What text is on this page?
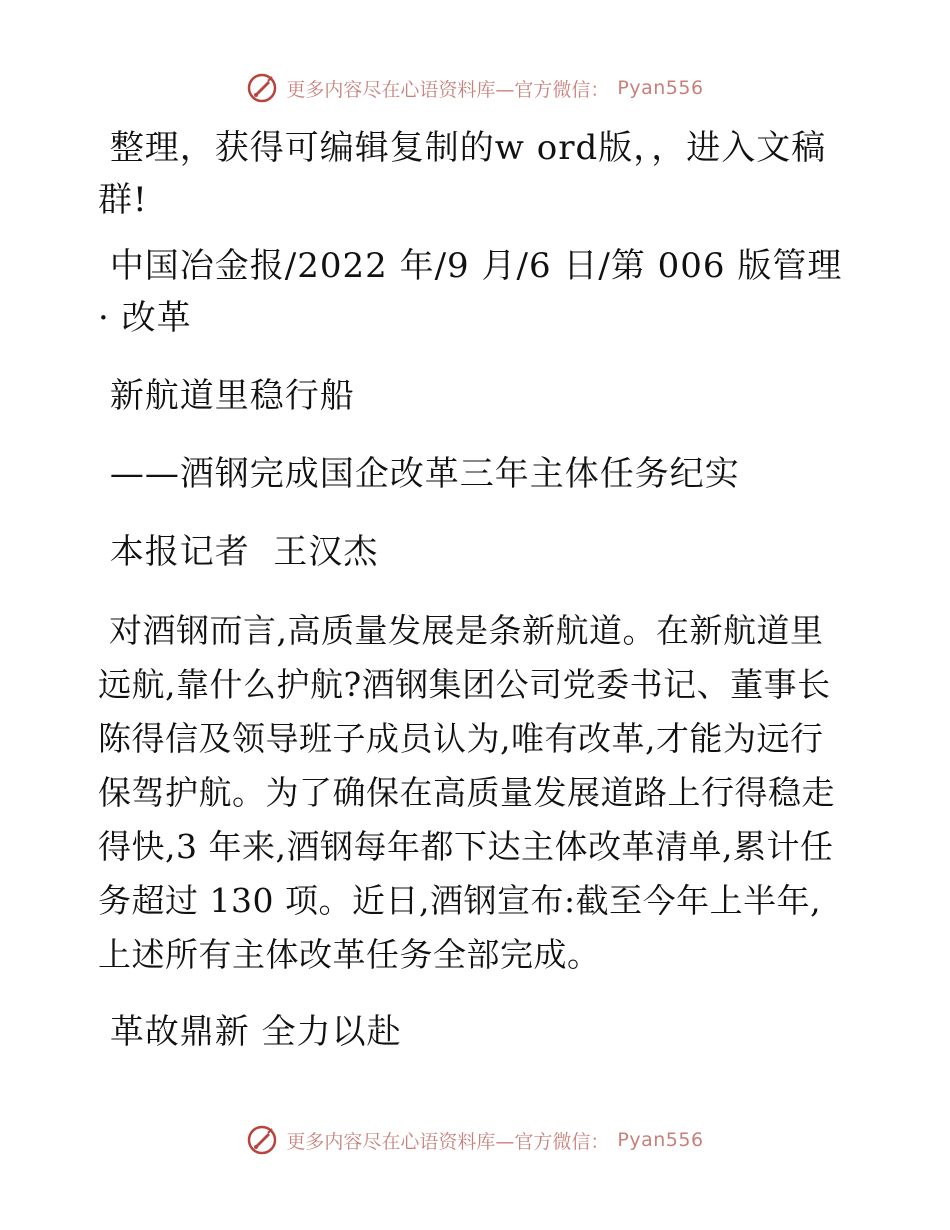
更多内容尽在心语资料库—官方微信： Pyan556

整理，获得可编辑复制的w ord版，，进入文稿群!

中国冶金报/2022 年/9 月/6 日/第 006 版管理 · 改革

新航道里稳行船

——酒钢完成国企改革三年主体任务纪实

本报记者  王汉杰

对酒钢而言,高质量发展是条新航道。在新航道里远航,靠什么护航?酒钢集团公司党委书记、董事长陈得信及领导班子成员认为,唯有改革,才能为远行保驾护航。为了确保在高质量发展道路上行得稳走得快,3 年来,酒钢每年都下达主体改革清单,累计任务超过 130 项。近日,酒钢宣布:截至今年上半年,上述所有主体改革任务全部完成。

革故鼎新 全力以赴

更多内容尽在心语资料库—官方微信： Pyan556
